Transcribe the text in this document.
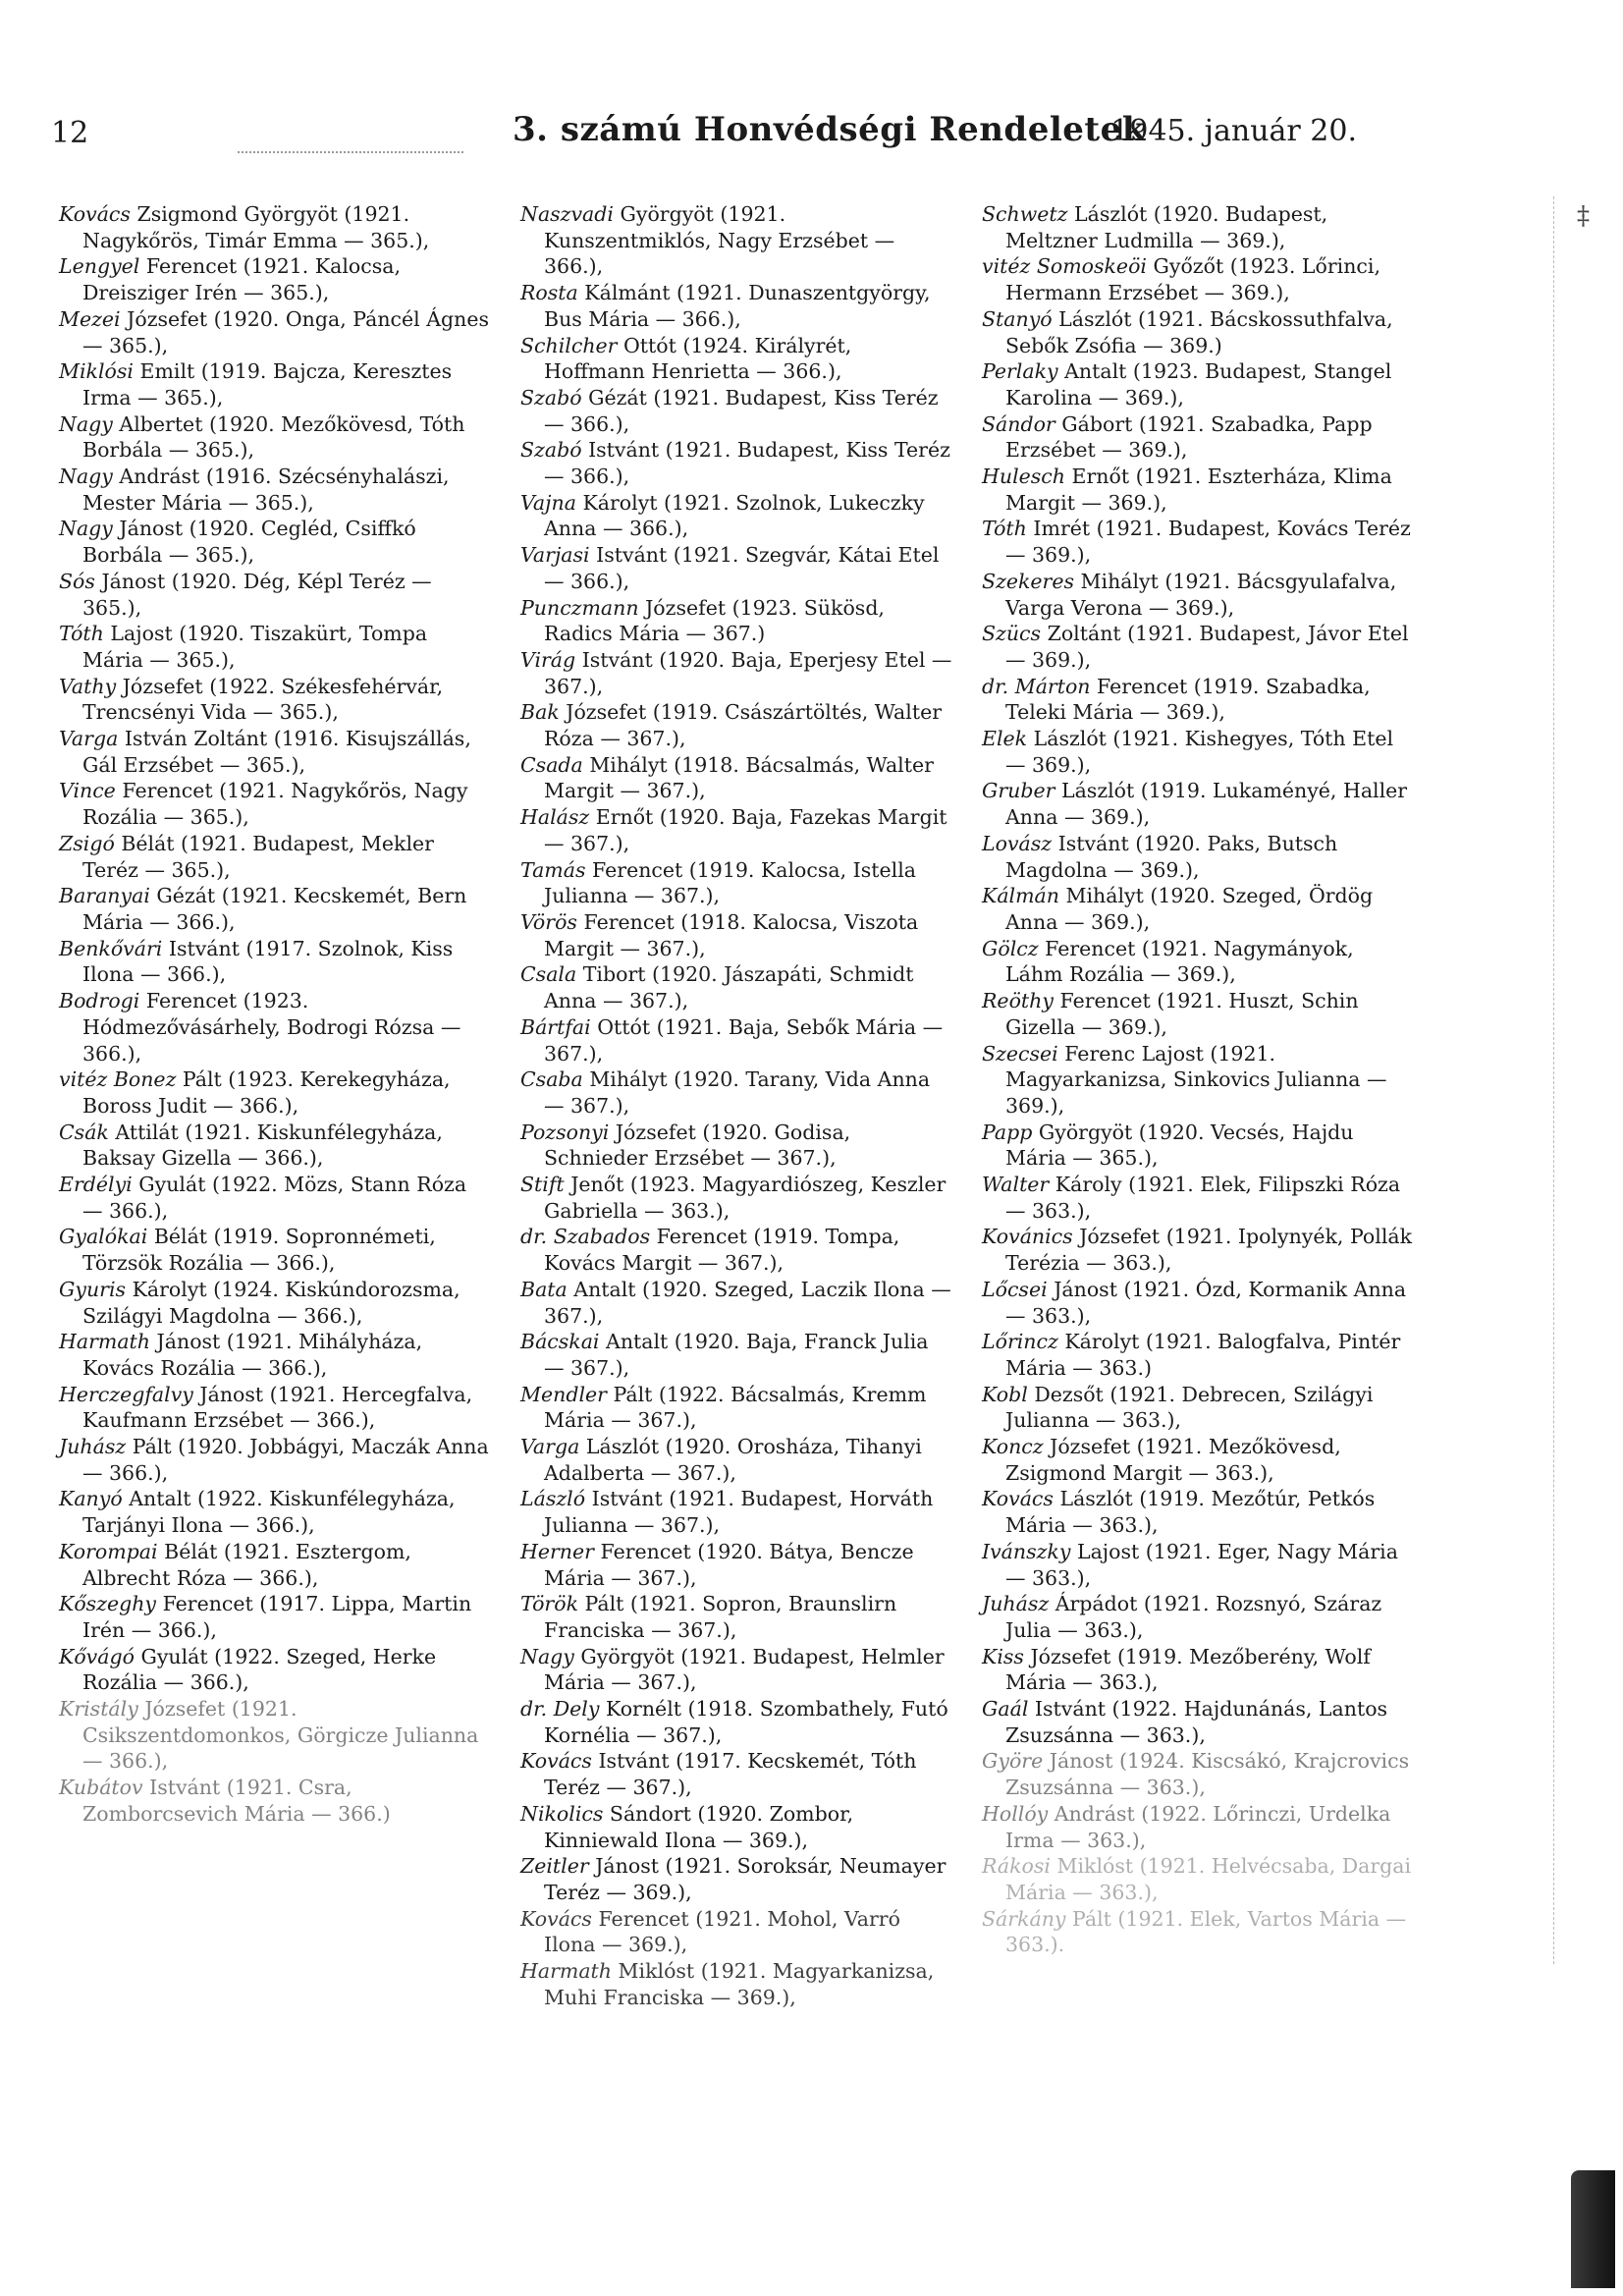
12	3. számú Honvédségi Rendeletek
1945. január 20.

Kovács Zsigmond Györgyöt (1921. Nagykőrös, Timár Emma — 365.),

Lengyel Ferencet (1921. Kalocsa, Dreisziger Irén — 365.),

Mezei Józsefet (1920. Onga, Páncél Ágnes — 365.),

Miklósi Emilt (1919. Bajcza, Keresztes Irma — 365.),

Nagy Albertet (1920. Mezőkövesd, Tóth Borbála — 365.),

Nagy Andrást (1916. Szécsényhalászi, Mester Mária — 365.),

Nagy Jánost (1920. Cegléd, Csiffkó Borbála — 365.),

Sós Jánost (1920. Dég, Képl Teréz — 365.),

Tóth Lajost (1920. Tiszakürt, Tompa Mária — 365.),

Vathy Józsefet (1922. Székesfehérvár, Trencsényi Vida — 365.),

Varga István Zoltánt (1916. Kisujszállás, Gál Erzsébet — 365.),

Vince Ferencet (1921. Nagykőrös, Nagy Rozália — 365.),

Zsigó Bélát (1921. Budapest, Mekler Teréz — 365.),

Baranyai Gézát (1921. Kecskemét, Bern Mária — 366.),

Benkővári Istvánt (1917. Szolnok, Kiss Ilona — 366.),

Bodrogi Ferencet (1923. Hódmezővásárhely, Bodrogi Rózsa — 366.),

vitéz Bonez Pált (1923. Kerekegyháza, Boross Judit — 366.),

Csák Attilát (1921. Kiskunfélegyháza, Baksay Gizella — 366.),

Erdélyi Gyulát (1922. Mözs, Stann Róza — 366.),

Gyalókai Bélát (1919. Sopronnémeti, Törzsök Rozália — 366.),

Gyuris Károlyt (1924. Kiskúndorozsma, Szilágyi Magdolna — 366.),

Harmath Jánost (1921. Mihályháza, Kovács Rozália — 366.),

Herczegfalvy Jánost (1921. Hercegfalva, Kaufmann Erzsébet — 366.),

Juhász Pált (1920. Jobbágyi, Maczák Anna — 366.),

Kanyó Antalt (1922. Kiskunfélegyháza, Tarjányi Ilona — 366.),

Korompai Bélát (1921. Esztergom, Albrecht Róza — 366.),

Kőszeghy Ferencet (1917. Lippa, Martin Irén — 366.),

Kővágó Gyulát (1922. Szeged, Herke Rozália — 366.),

Kristály Józsefet (1921. Csikszentdomonkos, Görgicze Julianna — 366.),

Kubátov Istvánt (1921. Csra, Zomborcsevich Mária — 366.)

Naszvadi Györgyöt (1921. Kunszentmiklós, Nagy Erzsébet — 366.),

Rosta Kálmánt (1921. Dunaszentgyörgy, Bus Mária — 366.),

Schilcher Ottót (1924. Királyrét, Hoffmann Henrietta — 366.),

Szabó Gézát (1921. Budapest, Kiss Teréz — 366.),

Szabó Istvánt (1921. Budapest, Kiss Teréz — 366.),

Vajna Károlyt (1921. Szolnok, Lukeczky Anna — 366.),

Varjasi Istvánt (1921. Szegvár, Kátai Etel — 366.),

Punczmann Józsefet (1923. Sükösd, Radics Mária — 367.)

Virág Istvánt (1920. Baja, Eperjesy Etel — 367.),

Bak Józsefet (1919. Császártöltés, Walter Róza — 367.),

Csada Mihályt (1918. Bácsalmás, Walter Margit — 367.),

Halász Ernőt (1920. Baja, Fazekas Margit — 367.),

Tamás Ferencet (1919. Kalocsa, Istella Julianna — 367.),

Vörös Ferencet (1918. Kalocsa, Viszota Margit — 367.),

Csala Tibort (1920. Jászapáti, Schmidt Anna — 367.),

Bártfai Ottót (1921. Baja, Sebők Mária — 367.),

Csaba Mihályt (1920. Tarany, Vida Anna — 367.),

Pozsonyi Józsefet (1920. Godisa, Schnieder Erzsébet — 367.),

Stift Jenőt (1923. Magyardiószeg, Keszler Gabriella — 363.),

dr. Szabados Ferencet (1919. Tompa, Kovács Margit — 367.),

Bata Antalt (1920. Szeged, Laczik Ilona — 367.),

Bácskai Antalt (1920. Baja, Franck Julia — 367.),

Mendler Pált (1922. Bácsalmás, Kremm Mária — 367.),

Varga Lászlót (1920. Orosháza, Tihanyi Adalberta — 367.),

László Istvánt (1921. Budapest, Horváth Julianna — 367.),

Herner Ferencet (1920. Bátya, Bencze Mária — 367.),

Török Pált (1921. Sopron, Braunslirn Franciska — 367.),

Nagy Györgyöt (1921. Budapest, Helmler Mária — 367.),

dr. Dely Kornélt (1918. Szombathely, Futó Kornélia — 367.),

Kovács Istvánt (1917. Kecskemét, Tóth Teréz — 367.),

Nikolics Sándort (1920. Zombor, Kinniewald Ilona — 369.),

Zeitler Jánost (1921. Soroksár, Neumayer Teréz — 369.),

Kovács Ferencet (1921. Mohol, Varró Ilona — 369.),

Harmath Miklóst (1921. Magyarkanizsa, Muhi Franciska — 369.),

Schwetz Lászlót (1920. Budapest, Meltzner Ludmilla — 369.),

vitéz Somoskeöi Győzőt (1923. Lőrinci, Hermann Erzsébet — 369.),

Stanyó Lászlót (1921. Bácskossuthfalva, Sebők Zsófia — 369.)

Perlaky Antalt (1923. Budapest, Stangel Karolina — 369.),

Sándor Gábort (1921. Szabadka, Papp Erzsébet — 369.),

Hulesch Ernőt (1921. Eszterháza, Klima Margit — 369.),

Tóth Imrét (1921. Budapest, Kovács Teréz — 369.),

Szekeres Mihályt (1921. Bácsgyulafalva, Varga Verona — 369.),

Szücs Zoltánt (1921. Budapest, Jávor Etel — 369.),

dr. Márton Ferencet (1919. Szabadka, Teleki Mária — 369.),

Elek Lászlót (1921. Kishegyes, Tóth Etel — 369.),

Gruber Lászlót (1919. Lukaményé, Haller Anna — 369.),

Lovász Istvánt (1920. Paks, Butsch Magdolna — 369.),

Kálmán Mihályt (1920. Szeged, Ördög Anna — 369.),

Gölcz Ferencet (1921. Nagymányok, Láhm Rozália — 369.),

Reöthy Ferencet (1921. Huszt, Schin Gizella — 369.),

Szecsei Ferenc Lajost (1921. Magyarkanizsa, Sinkovics Julianna — 369.),

Papp Györgyöt (1920. Vecsés, Hajdu Mária — 365.),

Walter Károly (1921. Elek, Filipszki Róza — 363.),

Kovánics Józsefet (1921. Ipolynyék, Pollák Terézia — 363.),

Lőcsei Jánost (1921. Ózd, Kormanik Anna — 363.),

Lőrincz Károlyt (1921. Balogfalva, Pintér Mária — 363.)

Kobl Dezsőt (1921. Debrecen, Szilágyi Julianna — 363.),

Koncz Józsefet (1921. Mezőkövesd, Zsigmond Margit — 363.),

Kovács Lászlót (1919. Mezőtúr, Petkós Mária — 363.),

Ivánszky Lajost (1921. Eger, Nagy Mária — 363.),

Juhász Árpádot (1921. Rozsnyó, Száraz Julia — 363.),

Kiss Józsefet (1919. Mezőberény, Wolf Mária — 363.),

Gaál Istvánt (1922. Hajdunánás, Lantos Zsuzsánna — 363.),

Györe Jánost (1924. Kiscsákó, Krajcrovics Zsuzsánna — 363.),

Hollóy Andrást (1922. Lőrinczi, Urdelka Irma — 363.),

Rákosi Miklóst (1921. Helvécsaba, Dargai Mária — 363.),

Sárkány Pált (1921. Elek, Vartos Mária — 363.).

‡
